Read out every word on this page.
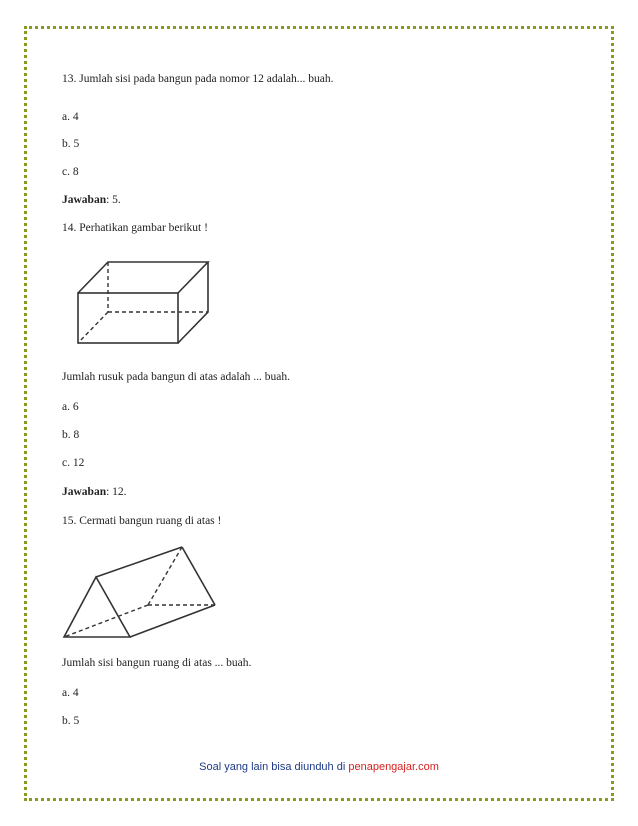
13. Jumlah sisi pada bangun pada nomor 12 adalah... buah.
a. 4
b. 5
c. 8
Jawaban: 5.
14. Perhatikan gambar berikut !
Jumlah rusuk pada bangun di atas adalah ... buah.
a. 6
b. 8
c. 12
Jawaban: 12.
15. Cermati bangun ruang di atas !
Jumlah sisi bangun ruang di atas ... buah.
a. 4
b. 5
Soal yang lain bisa diunduh di penapengajar.com
